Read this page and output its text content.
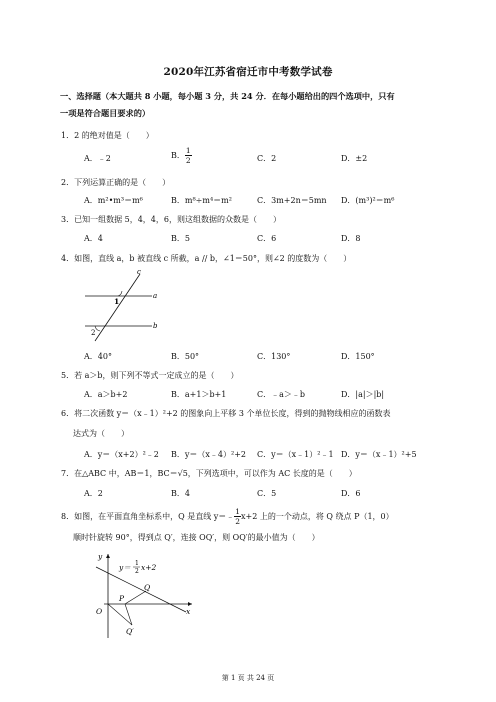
2020年江苏省宿迁市中考数学试卷
一、选择题（本大题共 8 小题，每小题 3 分，共 24 分．在每小题给出的四个选项中，只有
一项是符合题目要求的）
1．2 的绝对值是（　　）
A．﹣2	B． $\frac{1}{2}$	C．2	D．±2
2．下列运算正确的是（　　）
A．m²•m³＝m⁶	B．m⁸÷m⁴＝m²	C．3m+2n＝5mn D．(m³)²＝m⁶
3．已知一组数据 5，4，4，6，则这组数据的众数是（　　）
A．4	B．5	C．6	D．8
4．如图，直线 a，b 被直线 c 所截，a // b，∠1＝50°，则∠2 的度数为（　　）
c
a
b
1
2
A．40°	B．50°	C．130°	D．150°
5．若 a＞b，则下列不等式一定成立的是（　　）
A．a＞b+2	B．a+1＞b+1	C．﹣a＞﹣b	D．|a|＞|b|
6．将二次函数 y＝（x﹣1）²+2 的图象向上平移 3 个单位长度，得到的抛物线相应的函数表
达式为（　　）
A．y＝（x+2）²﹣2 B．y＝（x﹣4）²+2 C．y＝（x﹣1）²﹣1 D．y＝（x﹣1）²+5
7．在△ABC 中，AB＝1，BC＝√5，下列选项中，可以作为 AC 长度的是（　　）
A．2	B．4	C．5	D．6
8．如图，在平面直角坐标系中，Q 是直线 y＝﹣ $\frac{1}{2} x+2$ 上的一个动点，将 Q 绕点 P（1，0）
顺时针旋转 90°，得到点 Q′，连接 OQ′，则 OQ′的最小值为（　　）
y
x
O
P
Q
Q′
y＝ 1
2 x+2
第 1 页 共 24 页
